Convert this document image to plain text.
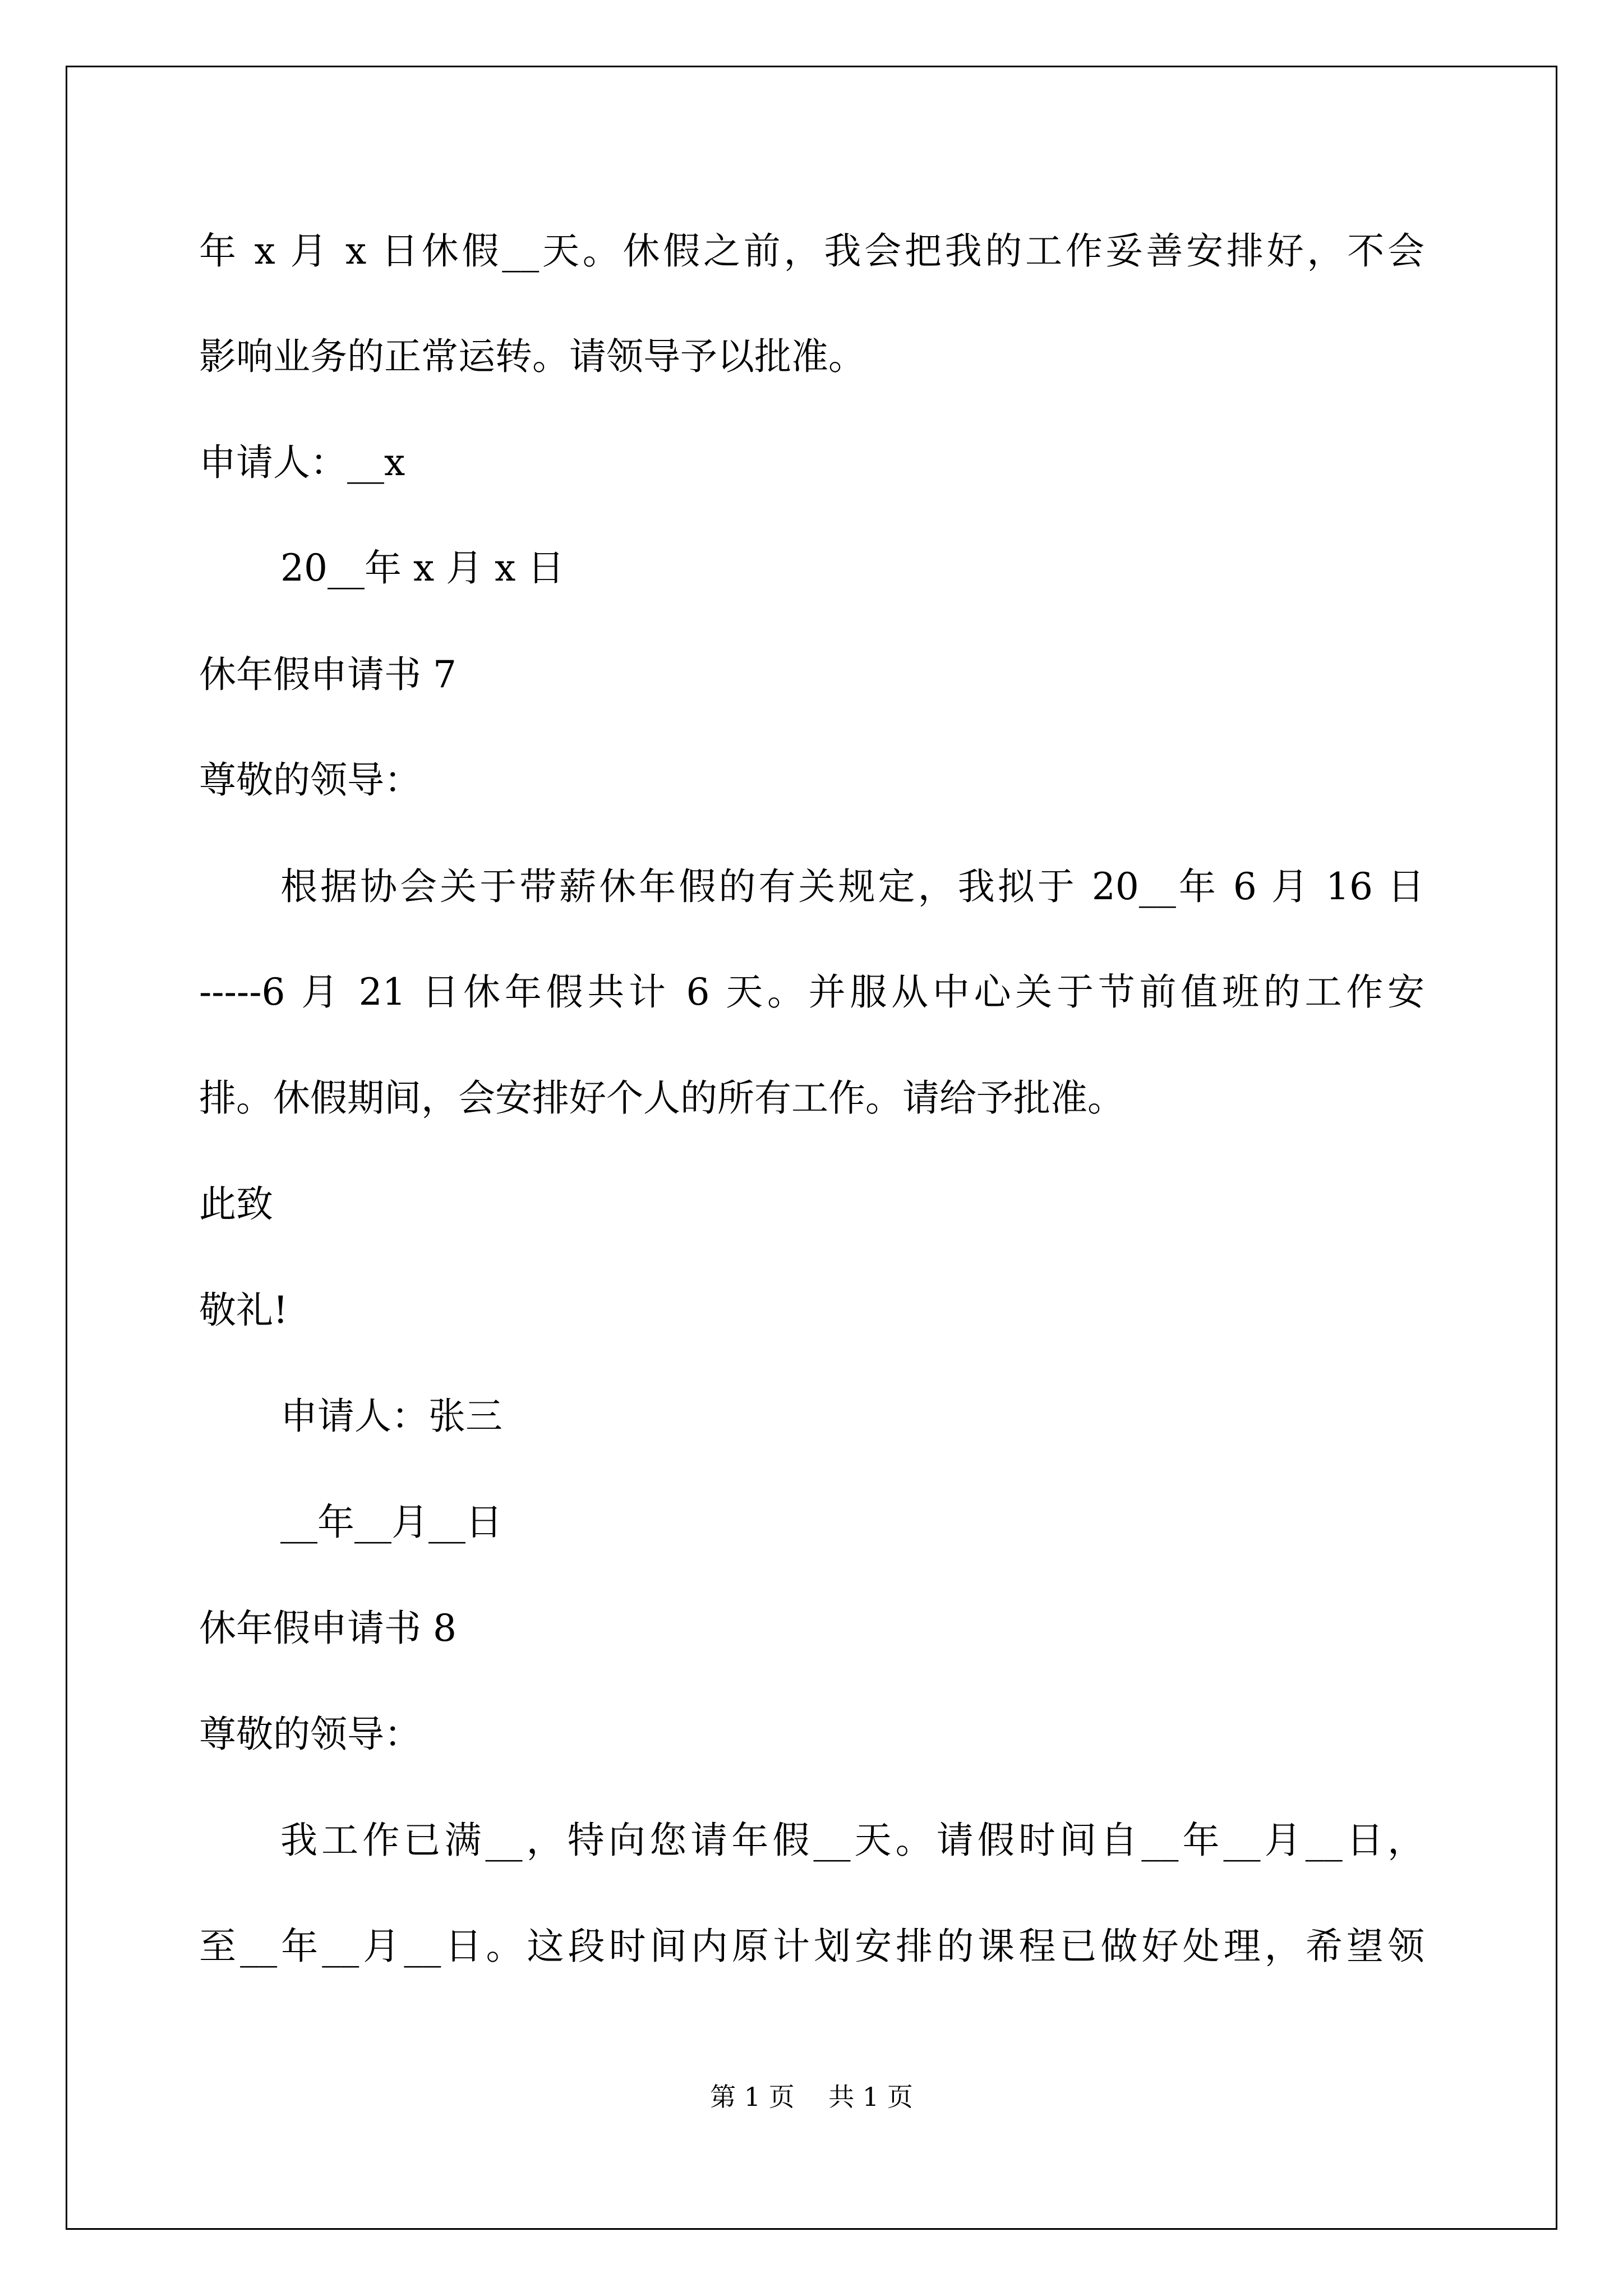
年 x 月 x 日休假__天。休假之前，我会把我的工作妥善安排好，不会
影响业务的正常运转。请领导予以批准。
申请人：__x
20__年 x 月 x 日
休年假申请书 7
尊敬的领导：
根据协会关于带薪休年假的有关规定，我拟于 20__年 6 月 16 日
-----6 月 21 日休年假共计 6 天。并服从中心关于节前值班的工作安
排。休假期间，会安排好个人的所有工作。请给予批准。
此致
敬礼!
申请人：张三
__年__月__日
休年假申请书 8
尊敬的领导：
我工作已满__，特向您请年假__天。请假时间自__年__月__日，
至__年__月__日。这段时间内原计划安排的课程已做好处理，希望领
第 1 页　 共 1 页
